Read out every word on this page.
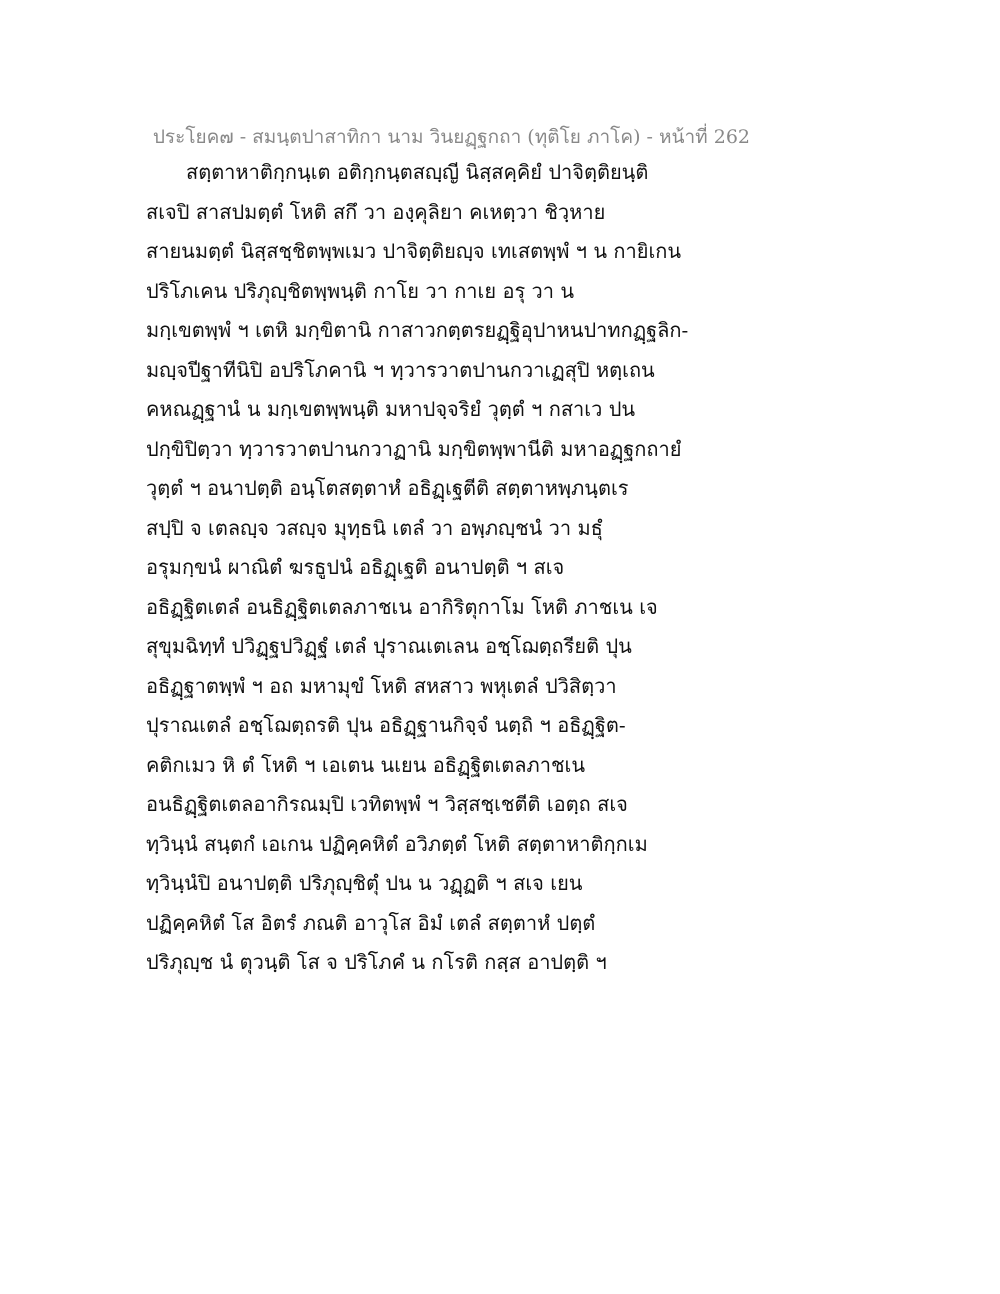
ประโยค๗ - สมนฺตปาสาทิกา นาม วินยฏฺฐกถา (ทุติโย ภาโค) - หน้าที่ 262
สตฺตาหาติกฺกนฺเต อติกฺกนฺตสญฺญี นิสฺสคฺคิยํ ปาจิตฺติยนฺติ
สเจปิ สาสปมตฺตํ โหติ สกึ วา องฺคุลิยา คเหตฺวา ชิวฺหาย
สายนมตฺตํ นิสฺสชฺชิตพฺพเมว ปาจิตฺติยญฺจ เทเสตพฺพํ ฯ น กายิเกน
ปริโภเคน ปริภุญฺชิตพฺพนฺติ กาโย วา กาเย อรุ วา น
มกฺเขตพฺพํ ฯ เตหิ มกฺขิตานิ กาสาวกตฺตรยฏฺฐิอุปาหนปาทกฏฺฐลิก-
มญฺจปีฐาทีนิปิ อปริโภคานิ ฯ ทฺวารวาตปานกวาเฏสุปิ หตฺเถน
คหณฏฺฐานํ น มกฺเขตพฺพนฺติ มหาปจฺจริยํ วุตฺตํ ฯ กสาเว ปน
ปกฺขิปิตฺวา ทฺวารวาตปานกวาฏานิ มกฺขิตพฺพานีติ มหาอฏฺฐกถายํ
วุตฺตํ ฯ อนาปตฺติ อนฺโตสตฺตาหํ อธิฏฺเฐตีติ สตฺตาหพฺภนฺตเร
สปฺปิ จ เตลญฺจ วสญฺจ มุทฺธนิ เตลํ วา อพฺภญฺชนํ วา มธุํ
อรุมกฺขนํ ผาณิตํ ฆรธูปนํ อธิฏฺเฐติ อนาปตฺติ ฯ สเจ
อธิฏฺฐิตเตลํ อนธิฏฺฐิตเตลภาชเน อากิริตุกาโม โหติ ภาชเน เจ
สุขุมฉิทฺทํ ปวิฏฺฐปวิฏฺฐํ เตลํ ปุราณเตเลน อชฺโฌตฺถรียติ ปุน
อธิฏฺฐาตพฺพํ ฯ อถ มหามุขํ โหติ สหสาว พหุเตลํ ปวิสิตฺวา
ปุราณเตลํ อชฺโฌตฺถรติ ปุน อธิฏฺฐานกิจฺจํ นตฺถิ ฯ อธิฏฺฐิต-
คติกเมว หิ ตํ โหติ ฯ เอเตน นเยน อธิฏฺฐิตเตลภาชเน
อนธิฏฺฐิตเตลอากิรณมฺปิ เวทิตพฺพํ ฯ วิสฺสชฺเชตีติ เอตฺถ สเจ
ทฺวินฺนํ สนฺตกํ เอเกน ปฏิคฺคหิตํ อวิภตฺตํ โหติ สตฺตาหาติกฺกเม
ทฺวินฺนํปิ อนาปตฺติ ปริภุญฺชิตุํ ปน น วฏฺฏติ ฯ สเจ เยน
ปฏิคฺคหิตํ โส อิตรํ ภณติ อาวุโส อิมํ เตลํ สตฺตาหํ ปตฺตํ
ปริภุญฺช นํ ตุวนฺติ โส จ ปริโภคํ น กโรติ กสฺส อาปตฺติ ฯ
